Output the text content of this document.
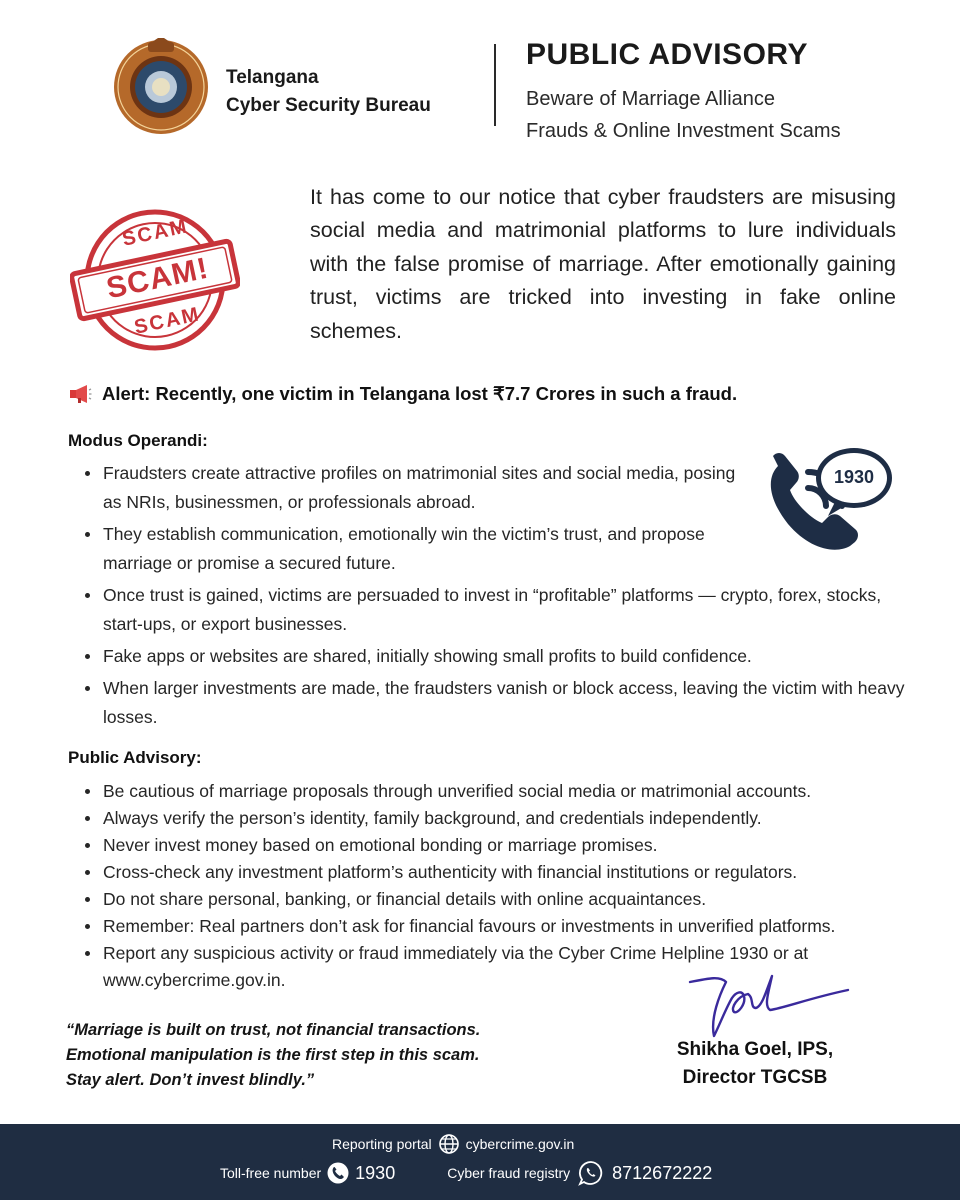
Telangana
Cyber Security Bureau
PUBLIC ADVISORY
Beware of Marriage Alliance
Frauds & Online Investment Scams
SCAM
SCAM!
SCAM
It has come to our notice that cyber fraudsters are misusing social media and matrimonial platforms to lure individuals with the false promise of marriage. After emotionally gaining trust, victims are tricked into investing in fake online schemes.
Alert: Recently, one victim in Telangana lost ₹7.7 Crores in such a fraud.
Modus Operandi:
Fraudsters create attractive profiles on matrimonial sites and social media, posing as NRIs, businessmen, or professionals abroad.
They establish communication, emotionally win the victim’s trust, and propose marriage or promise a secured future.
Once trust is gained, victims are persuaded to invest in “profitable” platforms — crypto, forex, stocks, start-ups, or export businesses.
Fake apps or websites are shared, initially showing small profits to build confidence.
When larger investments are made, the fraudsters vanish or block access, leaving the victim with heavy losses.
1930
Public Advisory:
Be cautious of marriage proposals through unverified social media or matrimonial accounts.
Always verify the person’s identity, family background, and credentials independently.
Never invest money based on emotional bonding or marriage promises.
Cross-check any investment platform’s authenticity with financial institutions or regulators.
Do not share personal, banking, or financial details with online acquaintances.
Remember: Real partners don’t ask for financial favours or investments in unverified platforms.
Report any suspicious activity or fraud immediately via the Cyber Crime Helpline 1930 or at www.cybercrime.gov.in.
“Marriage is built on trust, not financial transactions.
Emotional manipulation is the first step in this scam.
Stay alert. Don’t invest blindly.”
Shikha Goel, IPS,
Director TGCSB
Reporting portal cybercrime.gov.in
Toll-free number 1930	Cyber fraud registry 8712672222
